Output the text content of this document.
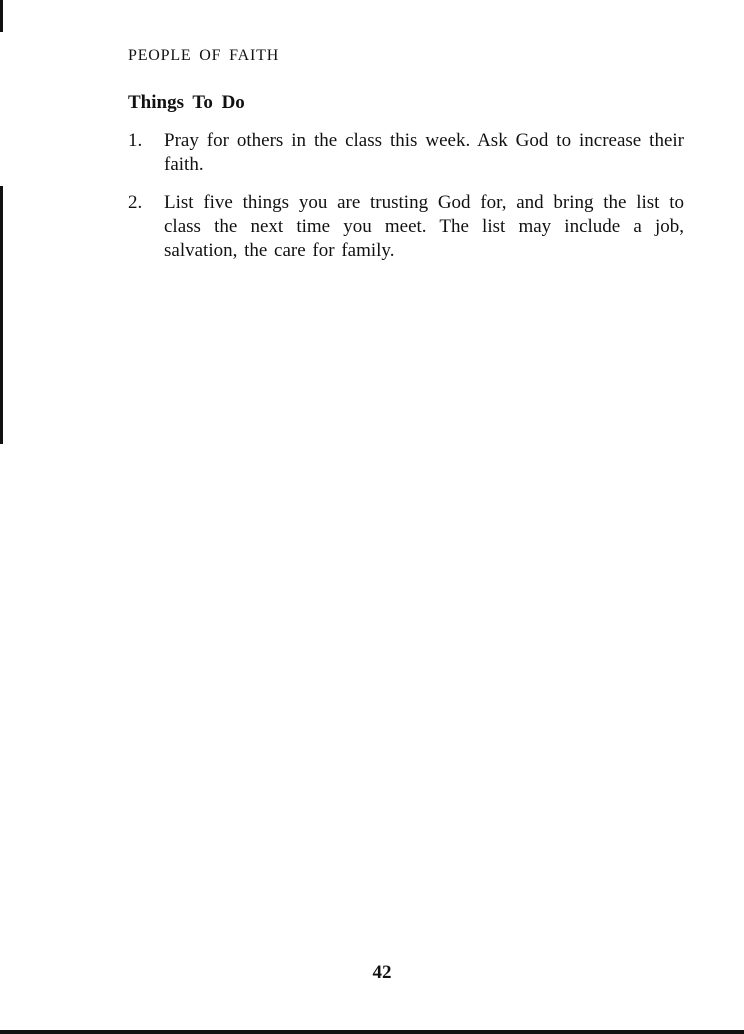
PEOPLE OF FAITH
Things To Do
1. Pray for others in the class this week. Ask God to increase their faith.
2. List five things you are trusting God for, and bring the list to class the next time you meet. The list may include a job, salvation, the care for family.
42
